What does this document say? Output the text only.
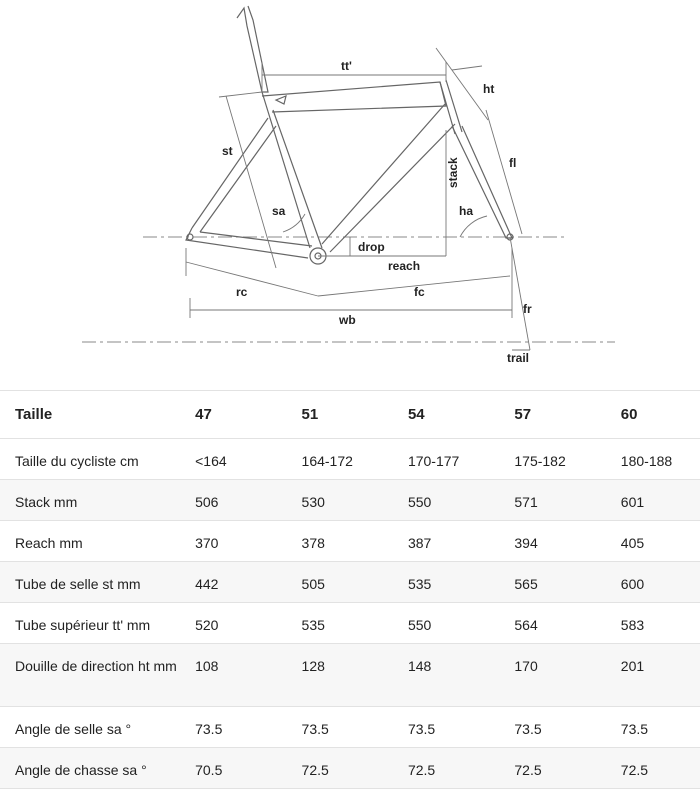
tt'
ht
st
stack	fl
sa	ha
drop
reach
rc	fc
fr
wb
trail
Taille	47	51	54	57	60
Taille du cycliste cm	<164	164-172	170-177	175-182	180-188
Stack mm	506	530	550	571	601
Reach mm	370	378	387	394	405
Tube de selle st mm	442	505	535	565	600
Tube supérieur tt' mm	520	535	550	564	583
Douille de direction ht mm	108	128	148	170	201
Angle de selle sa °	73.5	73.5	73.5	73.5	73.5
Angle de chasse sa °	70.5	72.5	72.5	72.5	72.5
